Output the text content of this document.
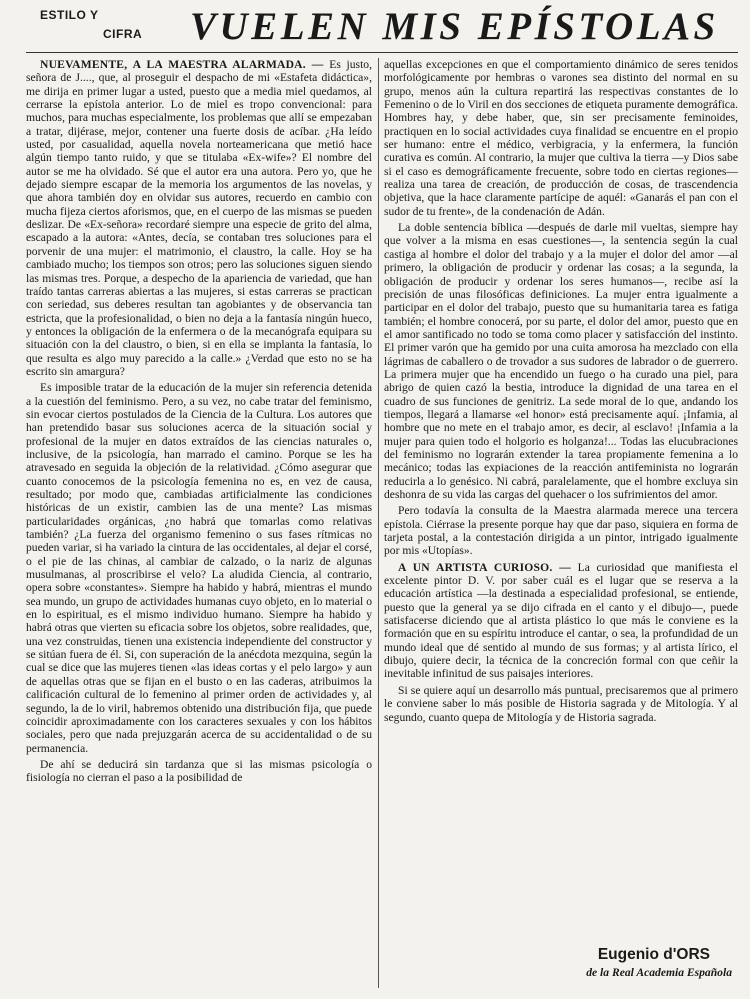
ESTILO Y
CIFRA VUELEN MIS EPÍSTOLAS

NUEVAMENTE, A LA MAESTRA ALARMADA. — Es justo, señora de J...., que, al proseguir el despacho de mi «Estafeta didáctica», me dirija en primer lugar a usted, puesto que a media miel quedamos, al cerrarse la epístola anterior. Lo de miel es tropo convencional: para muchos, para muchas especialmente, los problemas que allí se empezaban a tratar, dijérase, mejor, contener una fuerte dosis de acíbar. ¿Ha leído usted, por casualidad, aquella novela norteamericana que metió hace algún tiempo tanto ruido, y que se titulaba «Ex-wife»? El nombre del autor se me ha olvidado. Sé que el autor era una autora. Pero yo, que he dejado siempre escapar de la memoria los argumentos de las novelas, y que ahora también doy en olvidar sus autores, recuerdo en cambio con mucha fijeza ciertos aforismos, que, en el cuerpo de las mismas se pueden deslizar. De «Ex-señora» recordaré siempre una especie de grito del alma, escapado a la autora: «Antes, decía, se contaban tres soluciones para el porvenir de una mujer: el matrimonio, el claustro, la calle. Hoy se ha cambiado mucho; los tiempos son otros; pero las soluciones siguen siendo las mismas tres. Porque, a despecho de la apariencia de variedad, que han traído tantas carreras abiertas a las mujeres, si estas carreras se practican con seriedad, sus deberes resultan tan agobiantes y de observancia tan estricta, que la profesionalidad, o bien no deja a la fantasía ningún hueco, y entonces la obligación de la enfermera o de la mecanógrafa equipara su situación con la del claustro, o bien, si en ella se implanta la fantasía, lo que resulta es algo muy parecido a la calle.» ¿Verdad que esto no se ha escrito sin amargura?

Es imposible tratar de la educación de la mujer sin referencia detenida a la cuestión del feminismo. Pero, a su vez, no cabe tratar del feminismo, sin evocar ciertos postulados de la Ciencia de la Cultura. Los autores que han pretendido basar sus soluciones acerca de la situación social y profesional de la mujer en datos extraídos de las ciencias naturales o, inclusive, de la psicología, han marrado el camino. Porque se les ha atravesado en seguida la objeción de la relatividad. ¿Cómo asegurar que cuanto conocemos de la psicología femenina no es, en vez de causa, resultado; por modo que, cambiadas artificialmente las condiciones históricas de un existir, cambien las de una mente? Las mismas particularidades orgánicas, ¿no habrá que tomarlas como relativas también? ¿La fuerza del organismo femenino o sus fases rítmicas no pueden variar, si ha variado la cintura de las occidentales, al dejar el corsé, o el pie de las chinas, al cambiar de calzado, o la nariz de algunas musulmanas, al proscribirse el velo? La aludida Ciencia, al contrario, opera sobre «constantes». Siempre ha habido y habrá, mientras el mundo sea mundo, un grupo de actividades humanas cuyo objeto, en lo material o en lo espiritual, es el mismo individuo humano. Siempre ha habido y habrá otras que vierten su eficacia sobre los objetos, sobre realidades, que, una vez construidas, tienen una existencia independiente del constructor y se sitúan fuera de él. Si, con superación de la anécdota mezquina, según la cual se dice que las mujeres tienen «las ideas cortas y el pelo largo» y aun de aquellas otras que se fijan en el busto o en las caderas, atribuimos la calificación cultural de lo femenino al primer orden de actividades y, al segundo, la de lo viril, habremos obtenido una distribución fija, que puede coincidir aproximadamente con los caracteres sexuales y con los hábitos sociales, pero que nada prejuzgarán acerca de su accidentalidad o de su permanencia.

De ahí se deducirá sin tardanza que si las mismas psicología o fisiología no cierran el paso a la posibilidad de

aquellas excepciones en que el comportamiento dinámico de seres tenidos morfológicamente por hembras o varones sea distinto del normal en su grupo, menos aún la cultura repartirá las respectivas constantes de lo Femenino o de lo Viril en dos secciones de etiqueta puramente demográfica. Hombres hay, y debe haber, que, sin ser precisamente feminoides, practiquen en lo social actividades cuya finalidad se encuentre en el propio ser humano: entre el médico, verbigracia, y la enfermera, la función curativa es común. Al contrario, la mujer que cultiva la tierra —y Dios sabe si el caso es demográficamente frecuente, sobre todo en ciertas regiones— realiza una tarea de creación, de producción de cosas, de trascendencia objetiva, que la hace claramente partícipe de aquél: «Ganarás el pan con el sudor de tu frente», de la condenación de Adán.

La doble sentencia bíblica —después de darle mil vueltas, siempre hay que volver a la misma en esas cuestiones—, la sentencia según la cual castiga al hombre el dolor del trabajo y a la mujer el dolor del amor —al primero, la obligación de producir y ordenar las cosas; a la segunda, la obligación de producir y ordenar los seres humanos—, recibe así la precisión de unas filosóficas definiciones. La mujer entra igualmente a participar en el dolor del trabajo, puesto que su humanitaria tarea es fatiga también; el hombre conocerá, por su parte, el dolor del amor, puesto que en el amor santificado no todo se toma como placer y satisfacción del instinto. El primer varón que ha gemido por una cuita amorosa ha mezclado con ella lágrimas de caballero o de trovador a sus sudores de labrador o de guerrero. La primera mujer que ha encendido un fuego o ha curado una piel, para abrigo de quien cazó la bestia, introduce la dignidad de una tarea en el cuadro de sus funciones de genitriz. La sede moral de lo que, andando los tiempos, llegará a llamarse «el honor» está precisamente aquí. ¡Infamia, al hombre que no mete en el trabajo amor, es decir, al esclavo! ¡Infamia a la mujer para quien todo el holgorio es holganza!... Todas las elucubraciones del feminismo no lograrán extender la tarea propiamente femenina a lo mecánico; todas las expiaciones de la reacción antifeminista no lograrán reducirla a lo genésico. Ni cabrá, paralelamente, que el hombre excluya sin deshonra de su vida las cargas del quehacer o los sufrimientos del amor.

Pero todavía la consulta de la Maestra alarmada merece una tercera epístola. Ciérrase la presente porque hay que dar paso, siquiera en forma de tarjeta postal, a la contestación dirigida a un pintor, intrigado igualmente por mis «Utopías».

A UN ARTISTA CURIOSO. — La curiosidad que manifiesta el excelente pintor D. V. por saber cuál es el lugar que se reserva a la educación artística —la destinada a especialidad profesional, se entiende, puesto que la general ya se dijo cifrada en el canto y el dibujo—, puede satisfacerse diciendo que al artista plástico lo que más le conviene es la formación que en su espíritu introduce el cantar, o sea, la profundidad de un mundo ideal que dé sentido al mundo de sus formas; y al artista lírico, el dibujo, quiere decir, la técnica de la concreción formal con que ceñir la inevitable infinitud de sus paisajes interiores.

Si se quiere aquí un desarrollo más puntual, precisaremos que al primero le conviene saber lo más posible de Historia sagrada y de Mitología. Y al segundo, cuanto quepa de Mitología y de Historia sagrada.

Eugenio d'ORS
de la Real Academia Española
